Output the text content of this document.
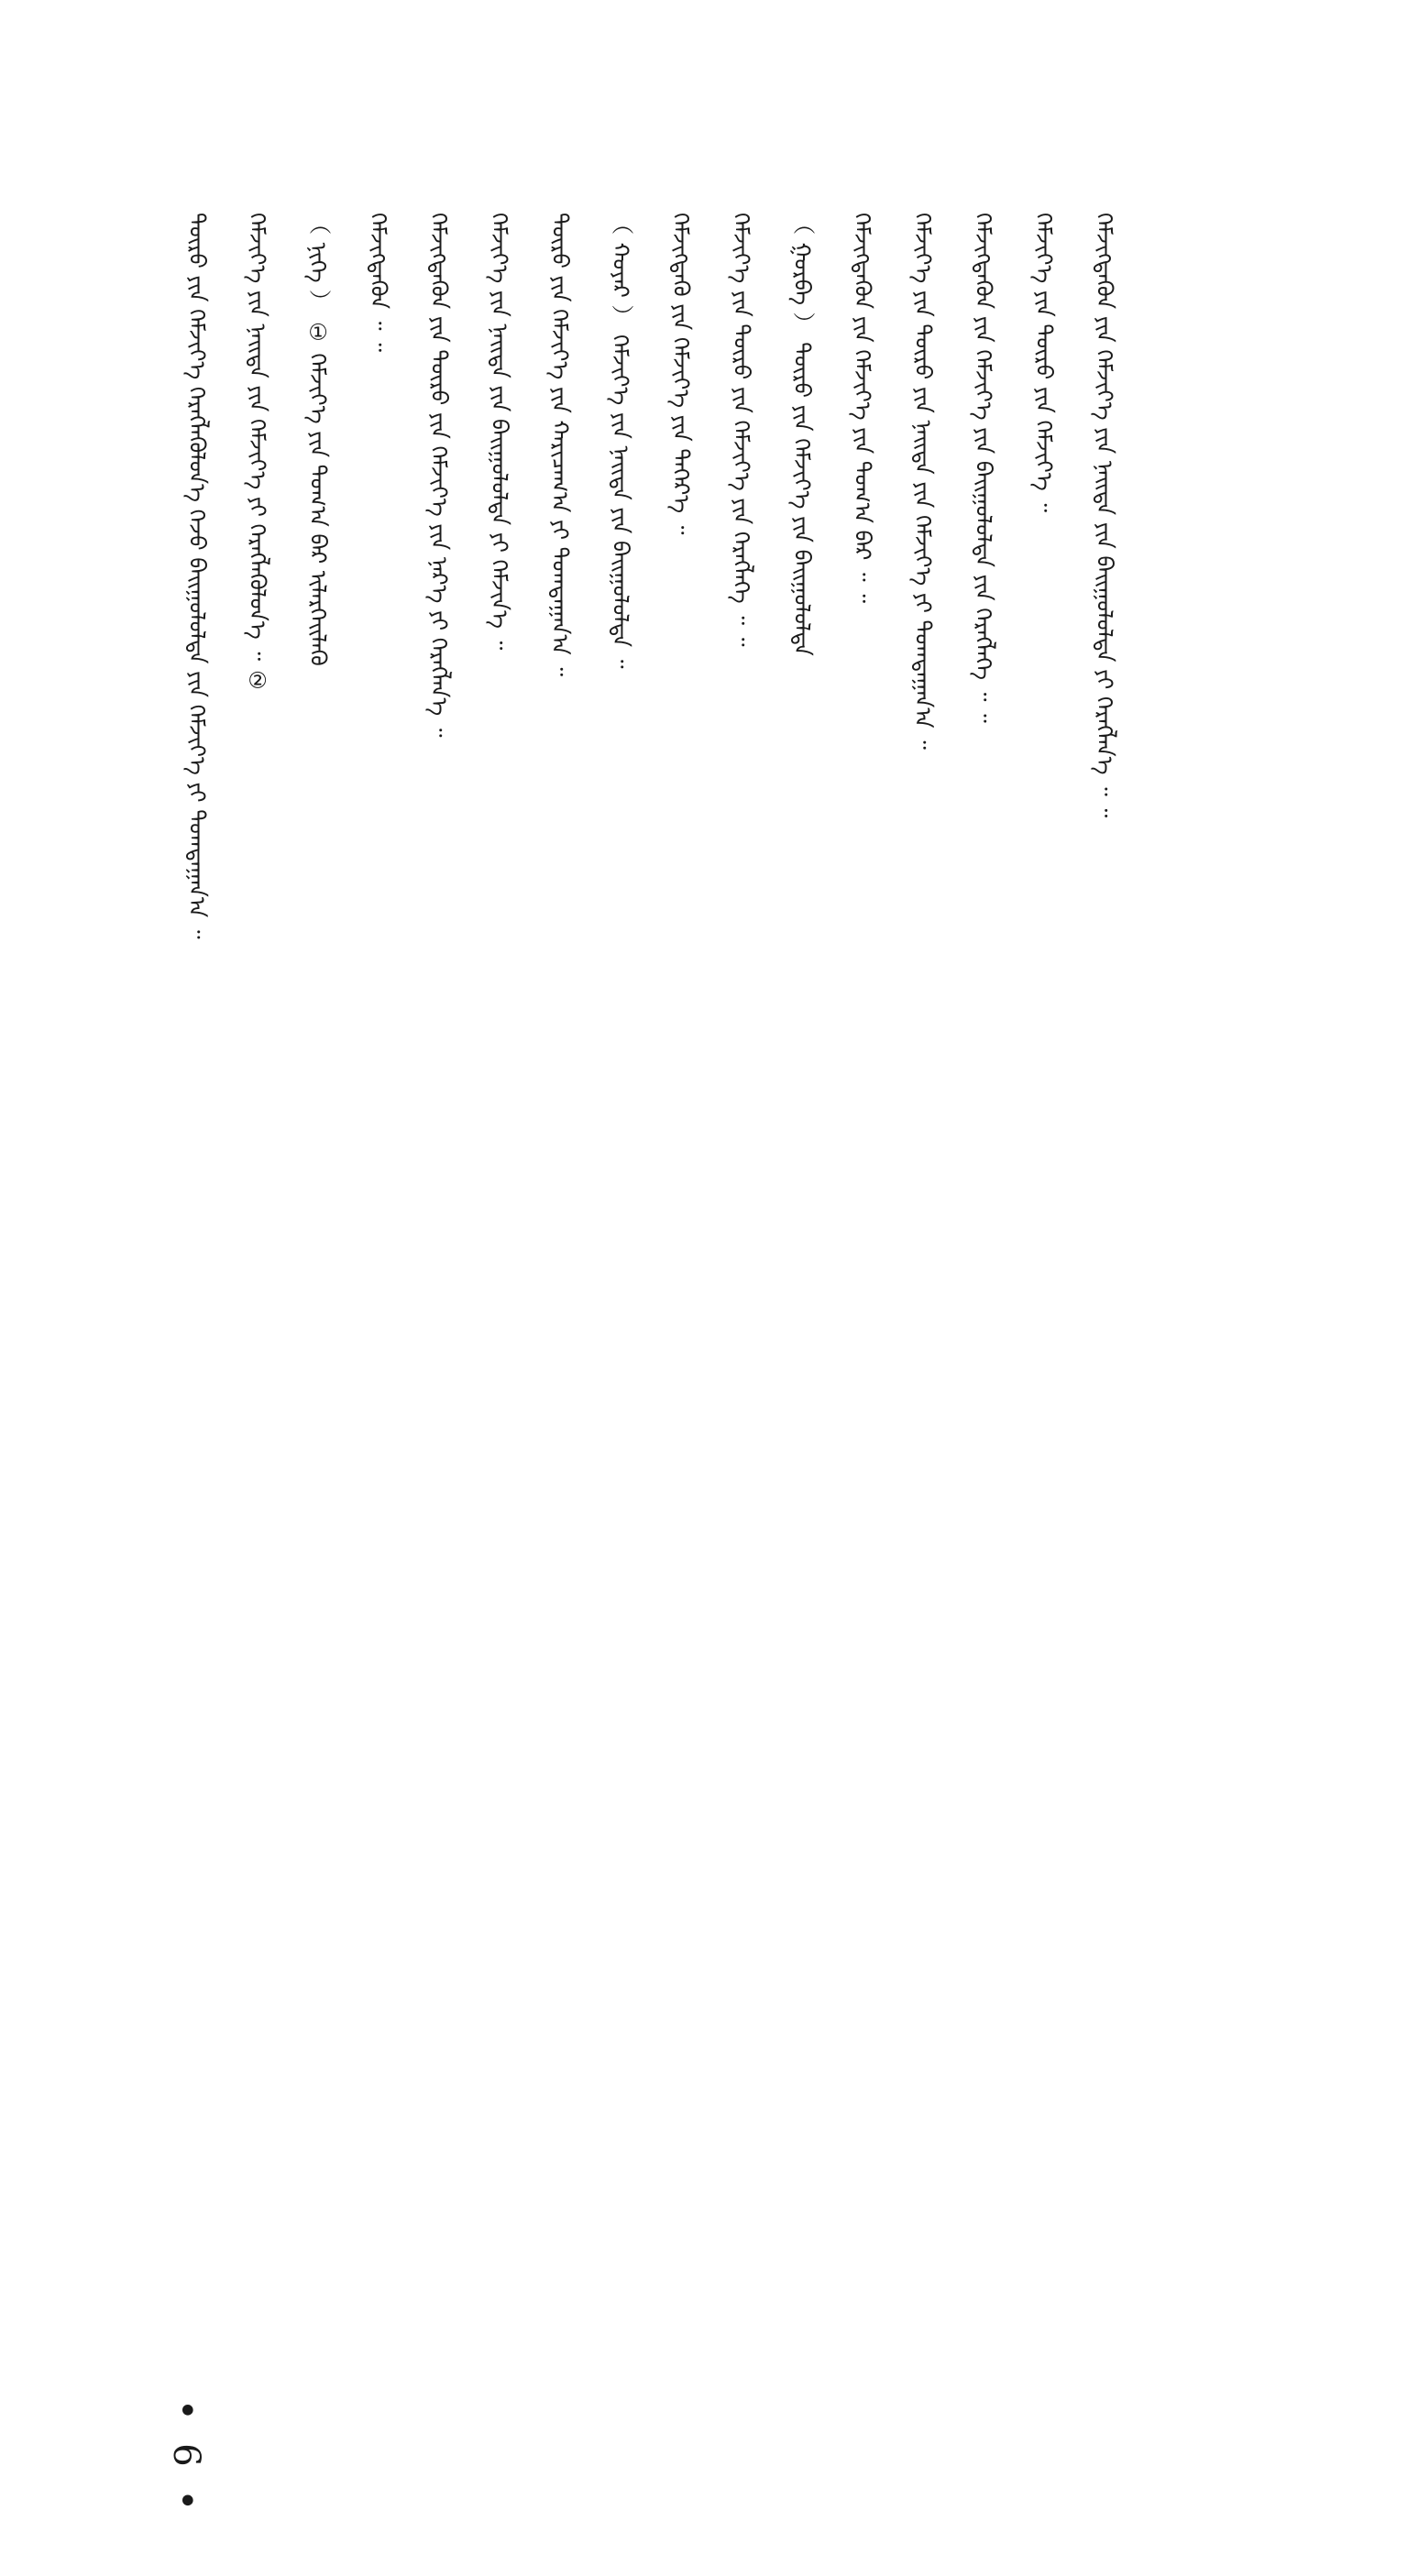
ᠲᠦᠷᠦ ᠶᠢᠨ ᠬᠡᠮᠵᠢᠶ᠎ᠡ ᠬᠡᠷᠡᠭᠯᠡᠭᠦᠯᠦᠨ᠎ᠡ ᠭᠡᠵᠦ ᠪᠠᠢᠭᠤᠯᠤᠯᠲᠠ ᠶᠢᠨ ᠬᠡᠮᠵᠢᠶ᠎ᠡ ᠶᠢ ᠲᠣᠭᠲᠠᠭᠠᠨ᠎ᠠ ᠃ ᠬᠡᠮᠵᠢᠶ᠎ᠡ ᠶᠢᠨ ᠨᠡᠢᠲᠡ ᠶᠢᠨ ᠬᠡᠮᠵᠢᠶ᠎ᠡ ᠶᠢ ᠬᠡᠷᠡᠭᠯᠡᠭᠦᠯᠦᠨ᠎ᠡ ᠃ ② （ ᠨᠢᠭᠡ ） ① ᠬᠡᠮᠵᠢᠶ᠎ᠡ ᠶᠢᠨ ᠲᠣᠭ᠎ᠠ ᠪᠠᠷ ᠢᠯᠡᠷᠬᠡᠢᠯᠡᠬᠦ ᠬᠡᠮᠵᠢᠭᠳᠡᠭᠦᠨ ᠃ ᠃ ᠬᠡᠮᠵᠢᠭᠳᠡᠬᠦᠨ ᠶᠢᠨ ᠲᠦᠷᠦ ᠶᠢᠨ ᠬᠡᠮᠵᠢᠶ᠎ᠡ ᠶᠢᠨ ᠨᠡᠷ᠎ᠡ ᠶᠢ ᠬᠡᠷᠡᠭᠯᠡᠨ᠎ᠡ ᠃ ᠬᠡᠮᠵᠢᠶ᠎ᠡ ᠶᠢᠨ ᠨᠡᠢᠲᠡ ᠶᠢᠨ ᠪᠠᠢᠭᠤᠯᠤᠯᠲᠠ ᠶᠢ ᠬᠡᠮᠵᠢᠨ᠎ᠡ ᠃ ᠲᠦᠷᠦ ᠶᠢᠨ ᠬᠡᠮᠵᠢᠶ᠎ᠡ ᠶᠢᠨ ᠬᠠᠷᠢᠴᠠᠭ᠎ᠠ ᠶᠢ ᠲᠣᠭᠲᠠᠭᠠᠨ᠎ᠠ ᠃ （ ᠬᠣᠶᠠᠷ ） ᠬᠡᠮᠵᠢᠶ᠎ᠡ ᠶᠢᠨ ᠨᠡᠢᠲᠡ ᠶᠢᠨ ᠪᠠᠢᠭᠤᠯᠤᠯᠲᠠ ᠃ ᠬᠡᠮᠵᠢᠭᠳᠡᠬᠦ ᠶᠢᠨ ᠬᠡᠮᠵᠢᠶ᠎ᠡ ᠶᠢᠨ ᠳᠡᠭᠡᠷ᠎ᠡ ᠃ ᠬᠡᠮᠵᠢᠶ᠎ᠡ ᠶᠢᠨ ᠲᠦᠷᠦ ᠶᠢᠨ ᠬᠡᠮᠵᠢᠶ᠎ᠡ ᠶᠢᠨ ᠬᠡᠷᠡᠭᠯᠡᠭᠡ ᠃ ᠃ （ ᠭᠤᠷᠪᠠ ） ᠲᠦᠷᠦ ᠶᠢᠨ ᠬᠡᠮᠵᠢᠶ᠎ᠡ ᠶᠢᠨ ᠪᠠᠢᠭᠤᠯᠤᠯᠲᠠ ᠬᠡᠮᠵᠢᠭᠳᠡᠬᠦᠨ ᠶᠢᠨ ᠬᠡᠮᠵᠢᠶ᠎ᠡ ᠶᠢᠨ ᠲᠣᠭ᠎ᠠ ᠪᠠᠷ ᠃ ᠃ ᠬᠡᠮᠵᠢᠶ᠎ᠡ ᠶᠢᠨ ᠲᠦᠷᠦ ᠶᠢᠨ ᠨᠡᠢᠲᠡ ᠶᠢᠨ ᠬᠡᠮᠵᠢᠶ᠎ᠡ ᠶᠢ ᠲᠣᠭᠲᠠᠭᠠᠨ᠎ᠠ ᠃ ᠬᠡᠮᠵᠢᠭᠳᠡᠬᠦᠨ ᠶᠢᠨ ᠬᠡᠮᠵᠢᠶ᠎ᠡ ᠶᠢᠨ ᠪᠠᠢᠭᠤᠯᠤᠯᠲᠠ ᠶᠢᠨ ᠬᠡᠷᠡᠭᠯᠡᠭᠡ ᠃ ᠃ ᠬᠡᠮᠵᠢᠶ᠎ᠡ ᠶᠢᠨ ᠲᠦᠷᠦ ᠶᠢᠨ ᠬᠡᠮᠵᠢᠶ᠎ᠡ ᠃ ᠬᠡᠮᠵᠢᠭᠳᠡᠬᠦᠨ ᠶᠢᠨ ᠬᠡᠮᠵᠢᠶ᠎ᠡ ᠶᠢᠨ ᠨᠡᠢᠲᠡ ᠶᠢᠨ ᠪᠠᠢᠭᠤᠯᠤᠯᠲᠠ ᠶᠢ ᠬᠡᠷᠡᠭᠯᠡᠨ᠎ᠡ ᠃ ᠃
• 6 •
